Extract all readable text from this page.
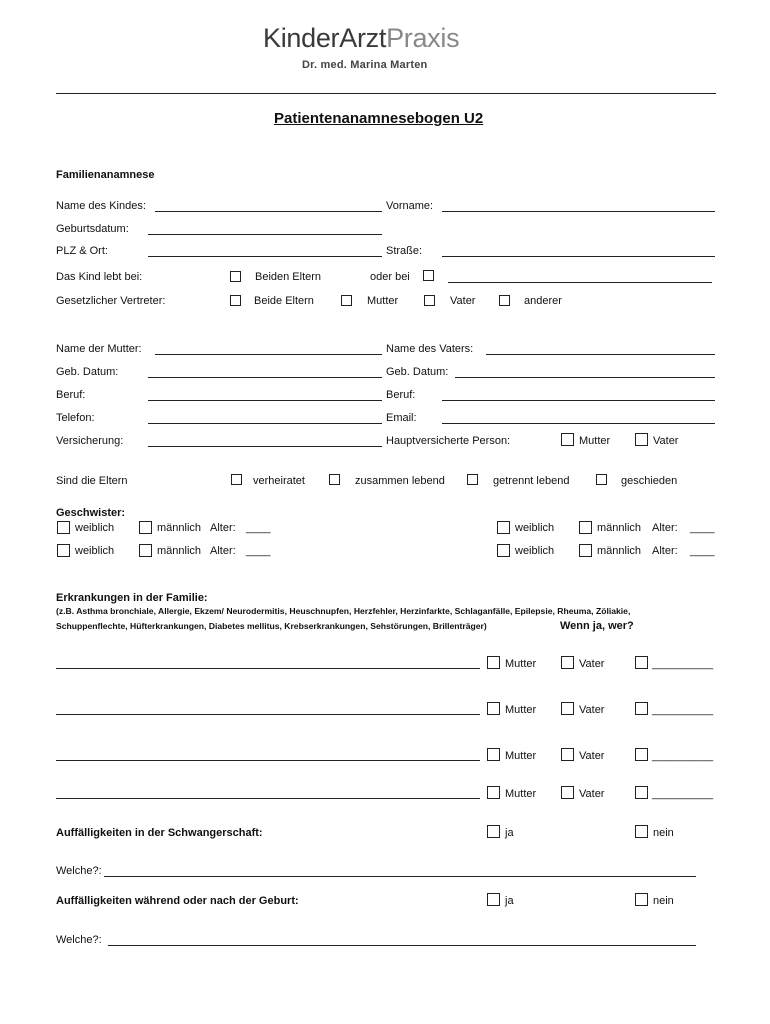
KinderArztPraxis
Dr. med. Marina Marten
Patientenanamnesebogen U2
Familienanamnese
Name des Kindes:	Vorname:
Geburtsdatum:
PLZ & Ort:	Straße:
Das Kind lebt bei:	Beiden Eltern	oder bei
Gesetzlicher Vertreter:	Beide Eltern	Mutter	Vater	anderer
Name der Mutter:	Name des Vaters:
Geb. Datum:	Geb. Datum:
Beruf:	Beruf:
Telefon:	Email:
Versicherung:	Hauptversicherte Person:	Mutter	Vater
Sind die Eltern	verheiratet	zusammen lebend	getrennt lebend	geschieden
Geschwister:
weiblich	männlich Alter: ____	weiblich	männlich Alter: ____
weiblich	männlich Alter: ____	weiblich	männlich Alter: ____
Erkrankungen in der Familie:
(z.B. Asthma bronchiale, Allergie, Ekzem/ Neurodermitis, Heuschnupfen, Herzfehler, Herzinfarkte, Schlaganfälle, Epilepsie, Rheuma, Zöliakie,
Schuppenflechte, Hüfterkrankungen, Diabetes mellitus, Krebserkrankungen, Sehstörungen, Brillenträger)	Wenn ja, wer?
Mutter	Vater	__________
Mutter	Vater	__________
Mutter	Vater	__________
Mutter	Vater	__________
Auffälligkeiten in der Schwangerschaft:	ja	nein
Welche?:
Auffälligkeiten während oder nach der Geburt:	ja	nein
Welche?:
